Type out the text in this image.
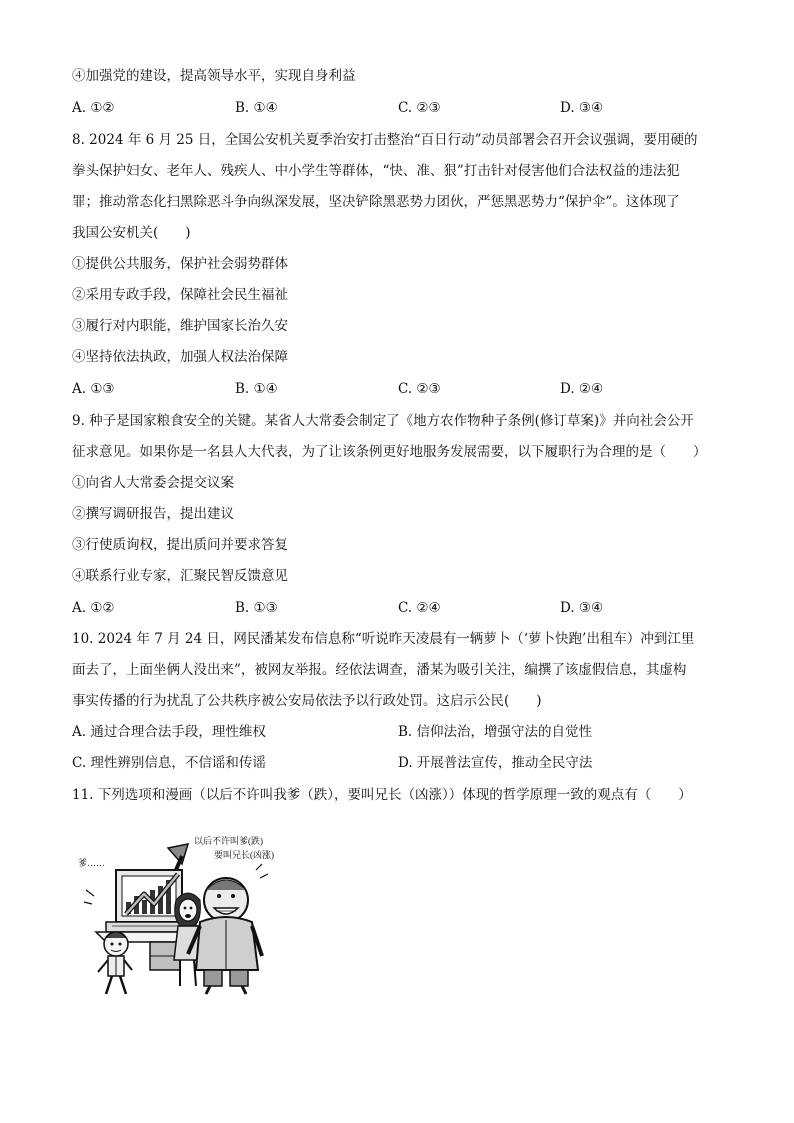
④加强党的建设，提高领导水平，实现自身利益
A. ①②	B. ①④	C. ②③	D. ③④
8. 2024 年 6 月 25 日，全国公安机关夏季治安打击整治“百日行动”动员部署会召开会议强调，要用硬的
拳头保护妇女、老年人、残疾人、中小学生等群体，“快、准、狠”打击针对侵害他们合法权益的违法犯
罪；推动常态化扫黑除恶斗争向纵深发展，坚决铲除黑恶势力团伙，严惩黑恶势力“保护伞”。这体现了
我国公安机关(　　)
①提供公共服务，保护社会弱势群体
②采用专政手段，保障社会民生福祉
③履行对内职能，维护国家长治久安
④坚持依法执政，加强人权法治保障
A. ①③	B. ①④	C. ②③	D. ②④
9. 种子是国家粮食安全的关键。某省人大常委会制定了《地方农作物种子条例(修订草案)》并向社会公开
征求意见。如果你是一名县人大代表，为了让该条例更好地服务发展需要，以下履职行为合理的是（　　）
①向省人大常委会提交议案
②撰写调研报告，提出建议
③行使质询权，提出质问并要求答复
④联系行业专家，汇聚民智反馈意见
A. ①②	B. ①③	C. ②④	D. ③④
10. 2024 年 7 月 24 日，网民潘某发布信息称“听说昨天凌晨有一辆萝卜（‘萝卜快跑’出租车）冲到江里
面去了，上面坐俩人没出来”，被网友举报。经依法调查，潘某为吸引关注，编撰了该虚假信息，其虚构
事实传播的行为扰乱了公共秩序被公安局依法予以行政处罚。这启示公民(　　)
A. 通过合理合法手段，理性维权	B. 信仰法治，增强守法的自觉性
C. 理性辨别信息，不信谣和传谣	D. 开展普法宣传，推动全民守法
11. 下列选项和漫画（以后不许叫我爹（跌），要叫兄长（凶涨））体现的哲学原理一致的观点有（　　）
以后不许叫爹(跌)
要叫兄长(凶涨)
爹……
